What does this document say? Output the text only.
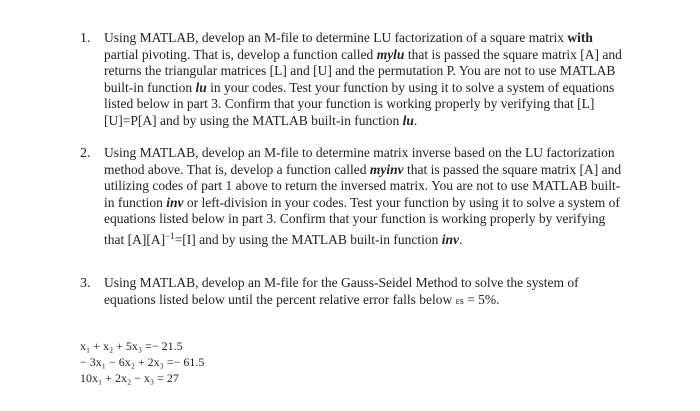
1. Using MATLAB, develop an M-file to determine LU factorization of a square matrix with partial pivoting. That is, develop a function called mylu that is passed the square matrix [A] and returns the triangular matrices [L] and [U] and the permutation P. You are not to use MATLAB built-in function lu in your codes. Test your function by using it to solve a system of equations listed below in part 3. Confirm that your function is working properly by verifying that [L][U]=P[A] and by using the MATLAB built-in function lu.
2. Using MATLAB, develop an M-file to determine matrix inverse based on the LU factorization method above. That is, develop a function called myinv that is passed the square matrix [A] and utilizing codes of part 1 above to return the inversed matrix. You are not to use MATLAB built-in function inv or left-division in your codes. Test your function by using it to solve a system of equations listed below in part 3. Confirm that your function is working properly by verifying that $[A][A]^{-1}=[I]$ and by using the MATLAB built-in function inv.
3. Using MATLAB, develop an M-file for the Gauss-Seidel Method to solve the system of equations listed below until the percent relative error falls below εs = 5%.
x₁ + x₂ + 5x₃ =− 21.5
− 3x₁ − 6x₂ + 2x₃ =− 61.5
10x₁ + 2x₂ − x₃ = 27
